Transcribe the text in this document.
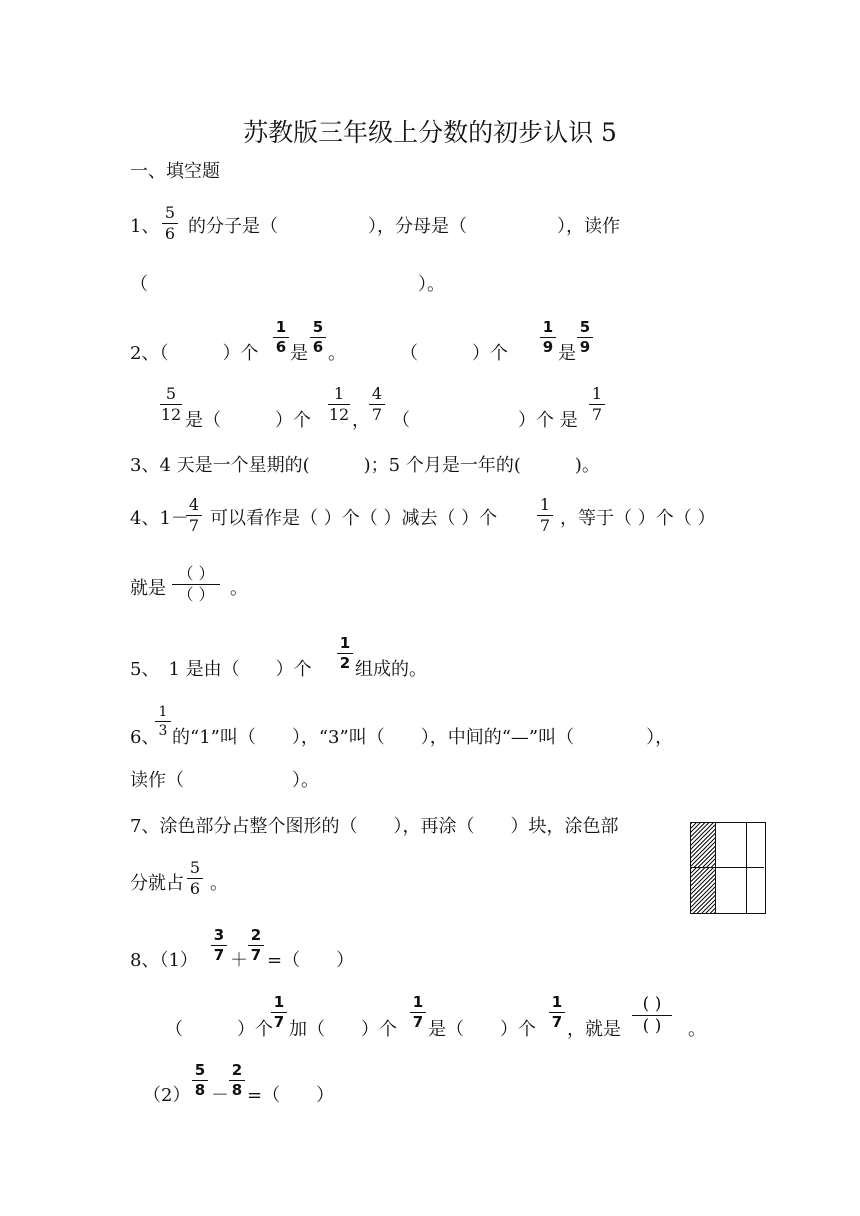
苏教版三年级上分数的初步认识 5
一、填空题
1、
5
6 的分子是（　　　　　），分母是（　　　　　），读作
（　　　　　　　　　　　　　　　）。
2、（　　　）个
1
6 是
5
6 。　　　　（　　　）个
1
9 是
5
9
5
12 是（　　　）个
1
12 ，
4
7 （　　　　　　）个 是
1
7
3、4 天是一个星期的(　　　)；5 个月是一年的(　　　)。
4、1－
4
7 可以看作是（ ）个（ ）减去（ ）个
1
7 ，等于（ ）个（ ）
就是
（ ）
（ ） 。
5、　1 是由（　　）个
1
2 组成的。
6、
1
3 的“1”叫（　　），“3”叫（　　），中间的“—”叫（　　　　），
读作（　　　　　　）。
7、涂色部分占整个图形的（　　），再涂（　　）块，涂色部
分就占
5
6 。
8、（1）
3
7 ＋
2
7 =（　　）
（　　　）个
1
7 加（　　）个
1
7 是（　　）个
1
7 ，就是
( )
( )	。
（2）
5
8 －
2
8 =（　　）
